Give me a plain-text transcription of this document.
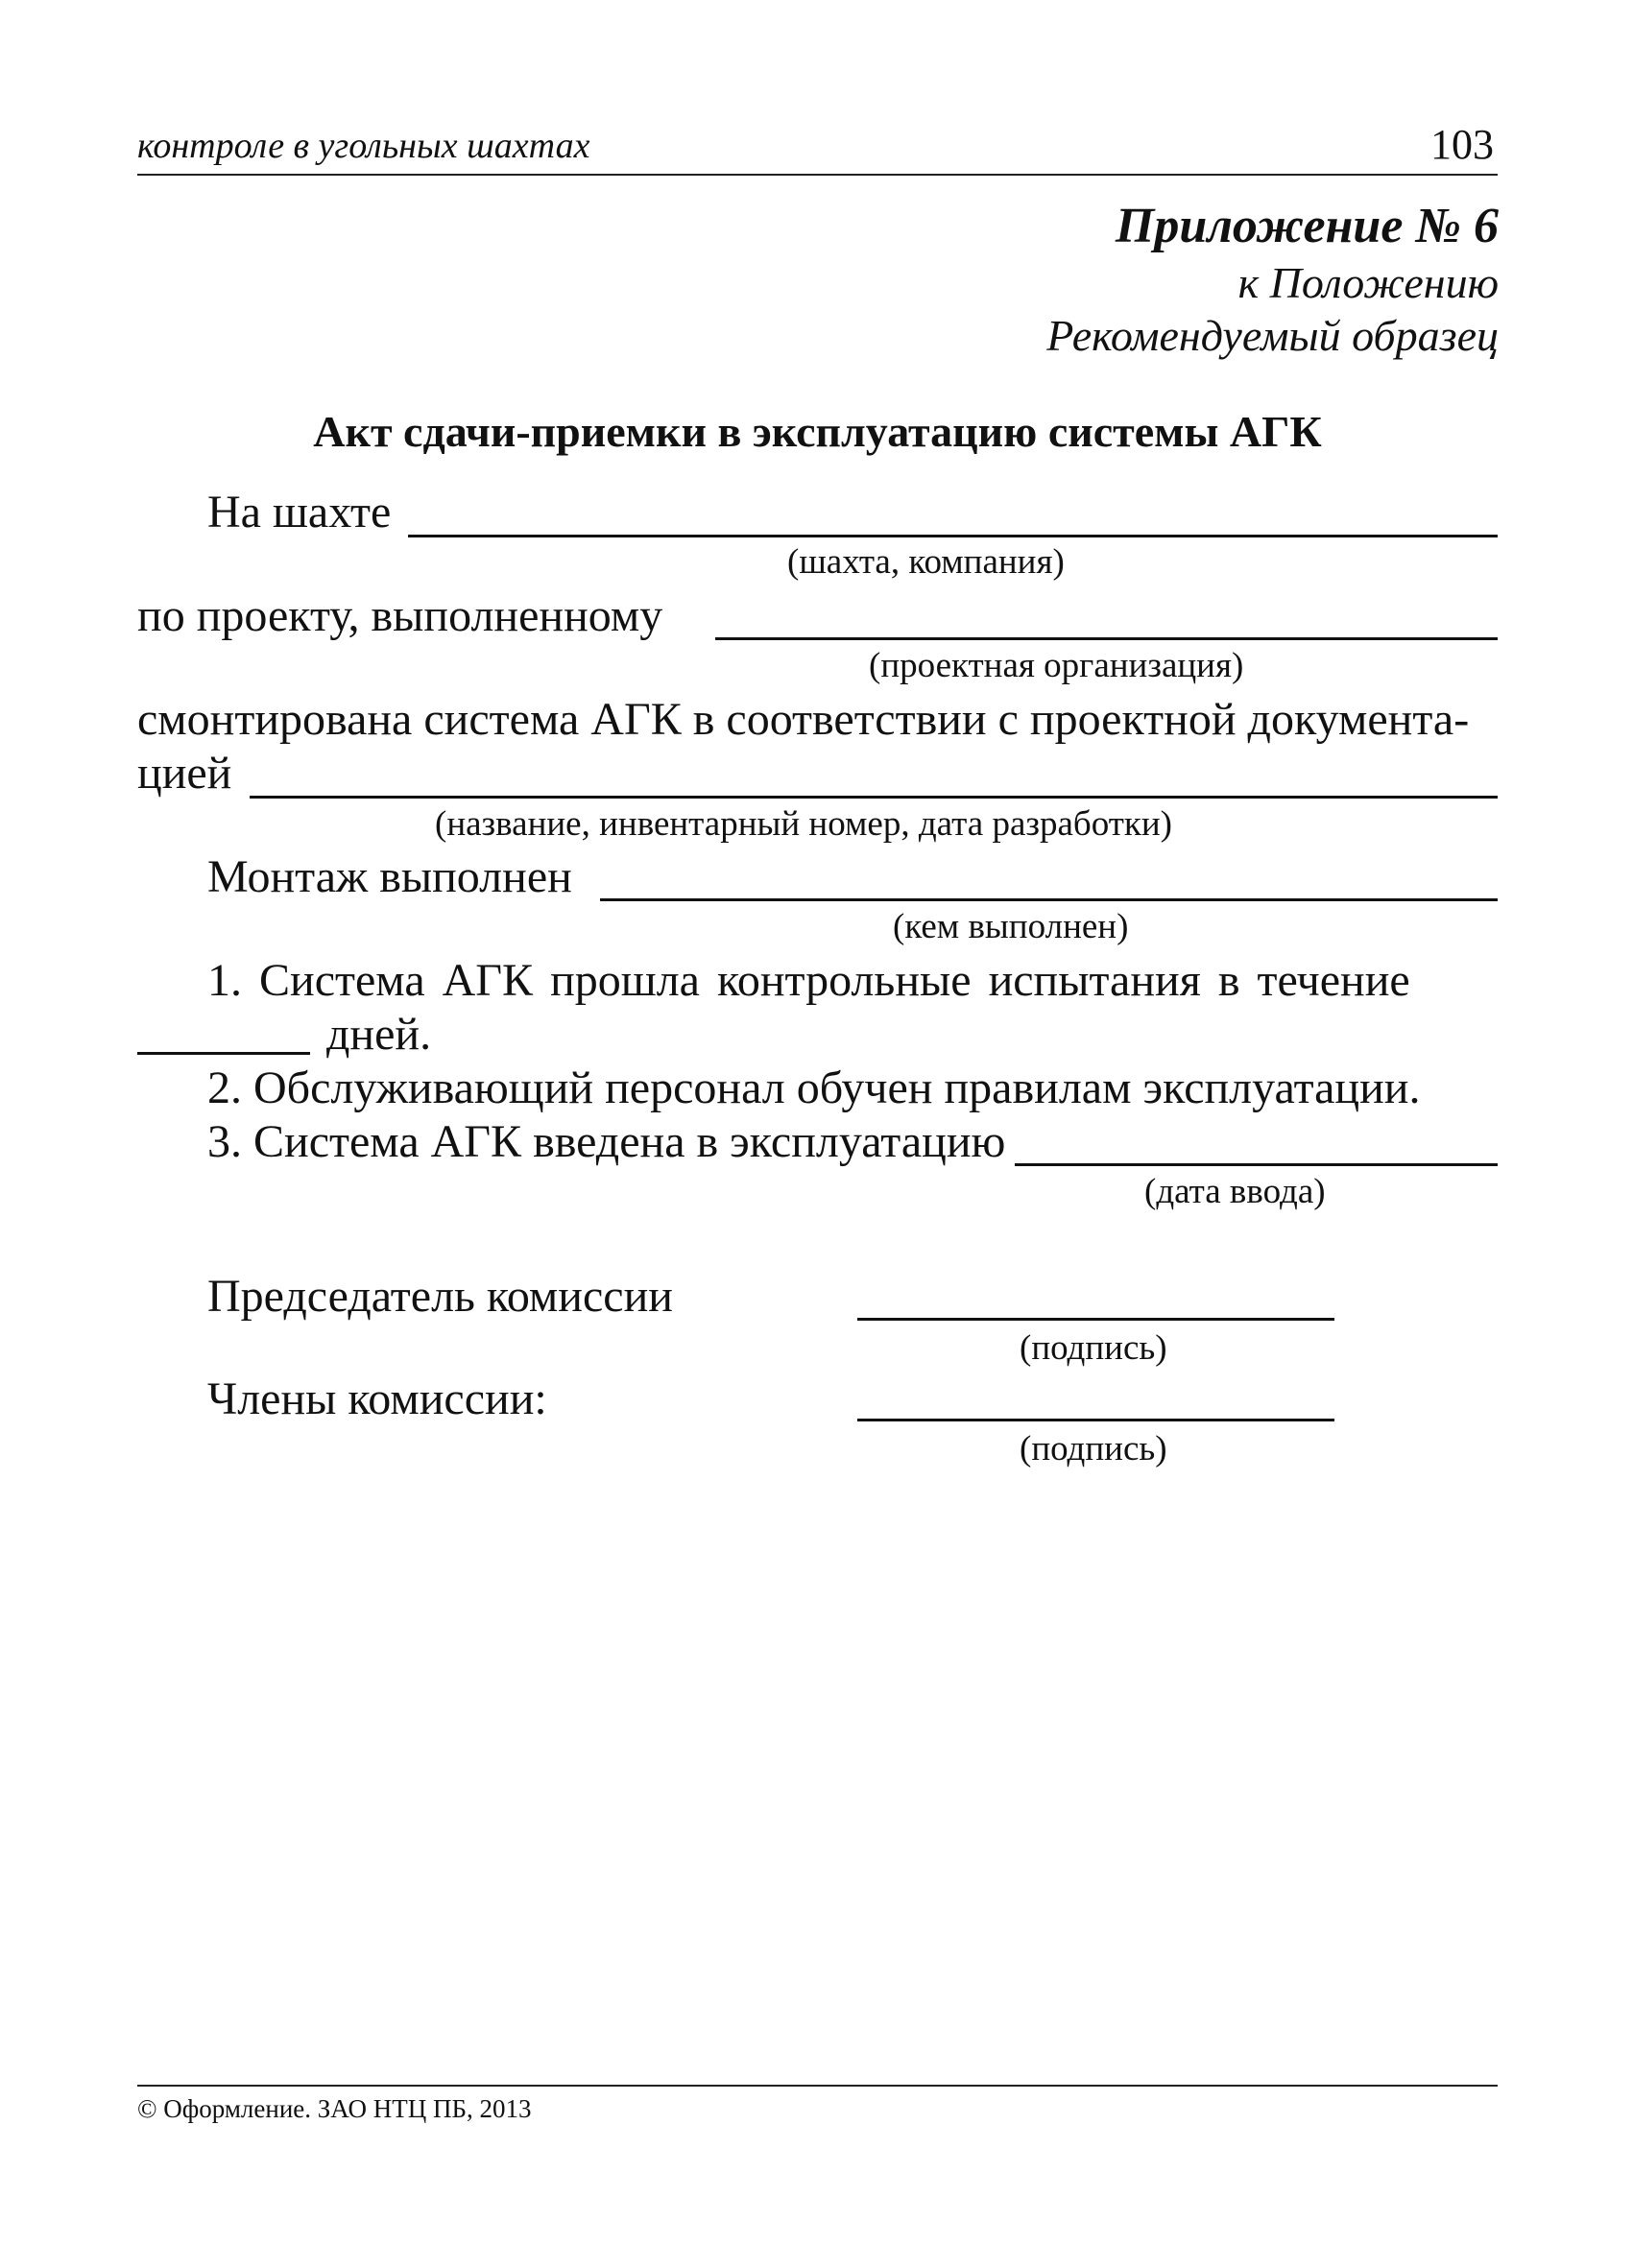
контроле в угольных шахтах	103
Приложение № 6
к Положению
Рекомендуемый образец
Акт сдачи-приемки в эксплуатацию системы АГК
На шахте
(шахта, компания)
по проекту, выполненному
(проектная организация)
смонтирована система АГК в соответствии с проектной документа-
цией
(название, инвентарный номер, дата разработки)
Монтаж выполнен
(кем выполнен)
1. Система АГК прошла контрольные испытания в течение
дней.
2. Обслуживающий персонал обучен правилам эксплуатации.
3. Система АГК введена в эксплуатацию
(дата ввода)
Председатель комиссии
(подпись)
Члены комиссии:
(подпись)
© Оформление. ЗАО НТЦ ПБ, 2013
